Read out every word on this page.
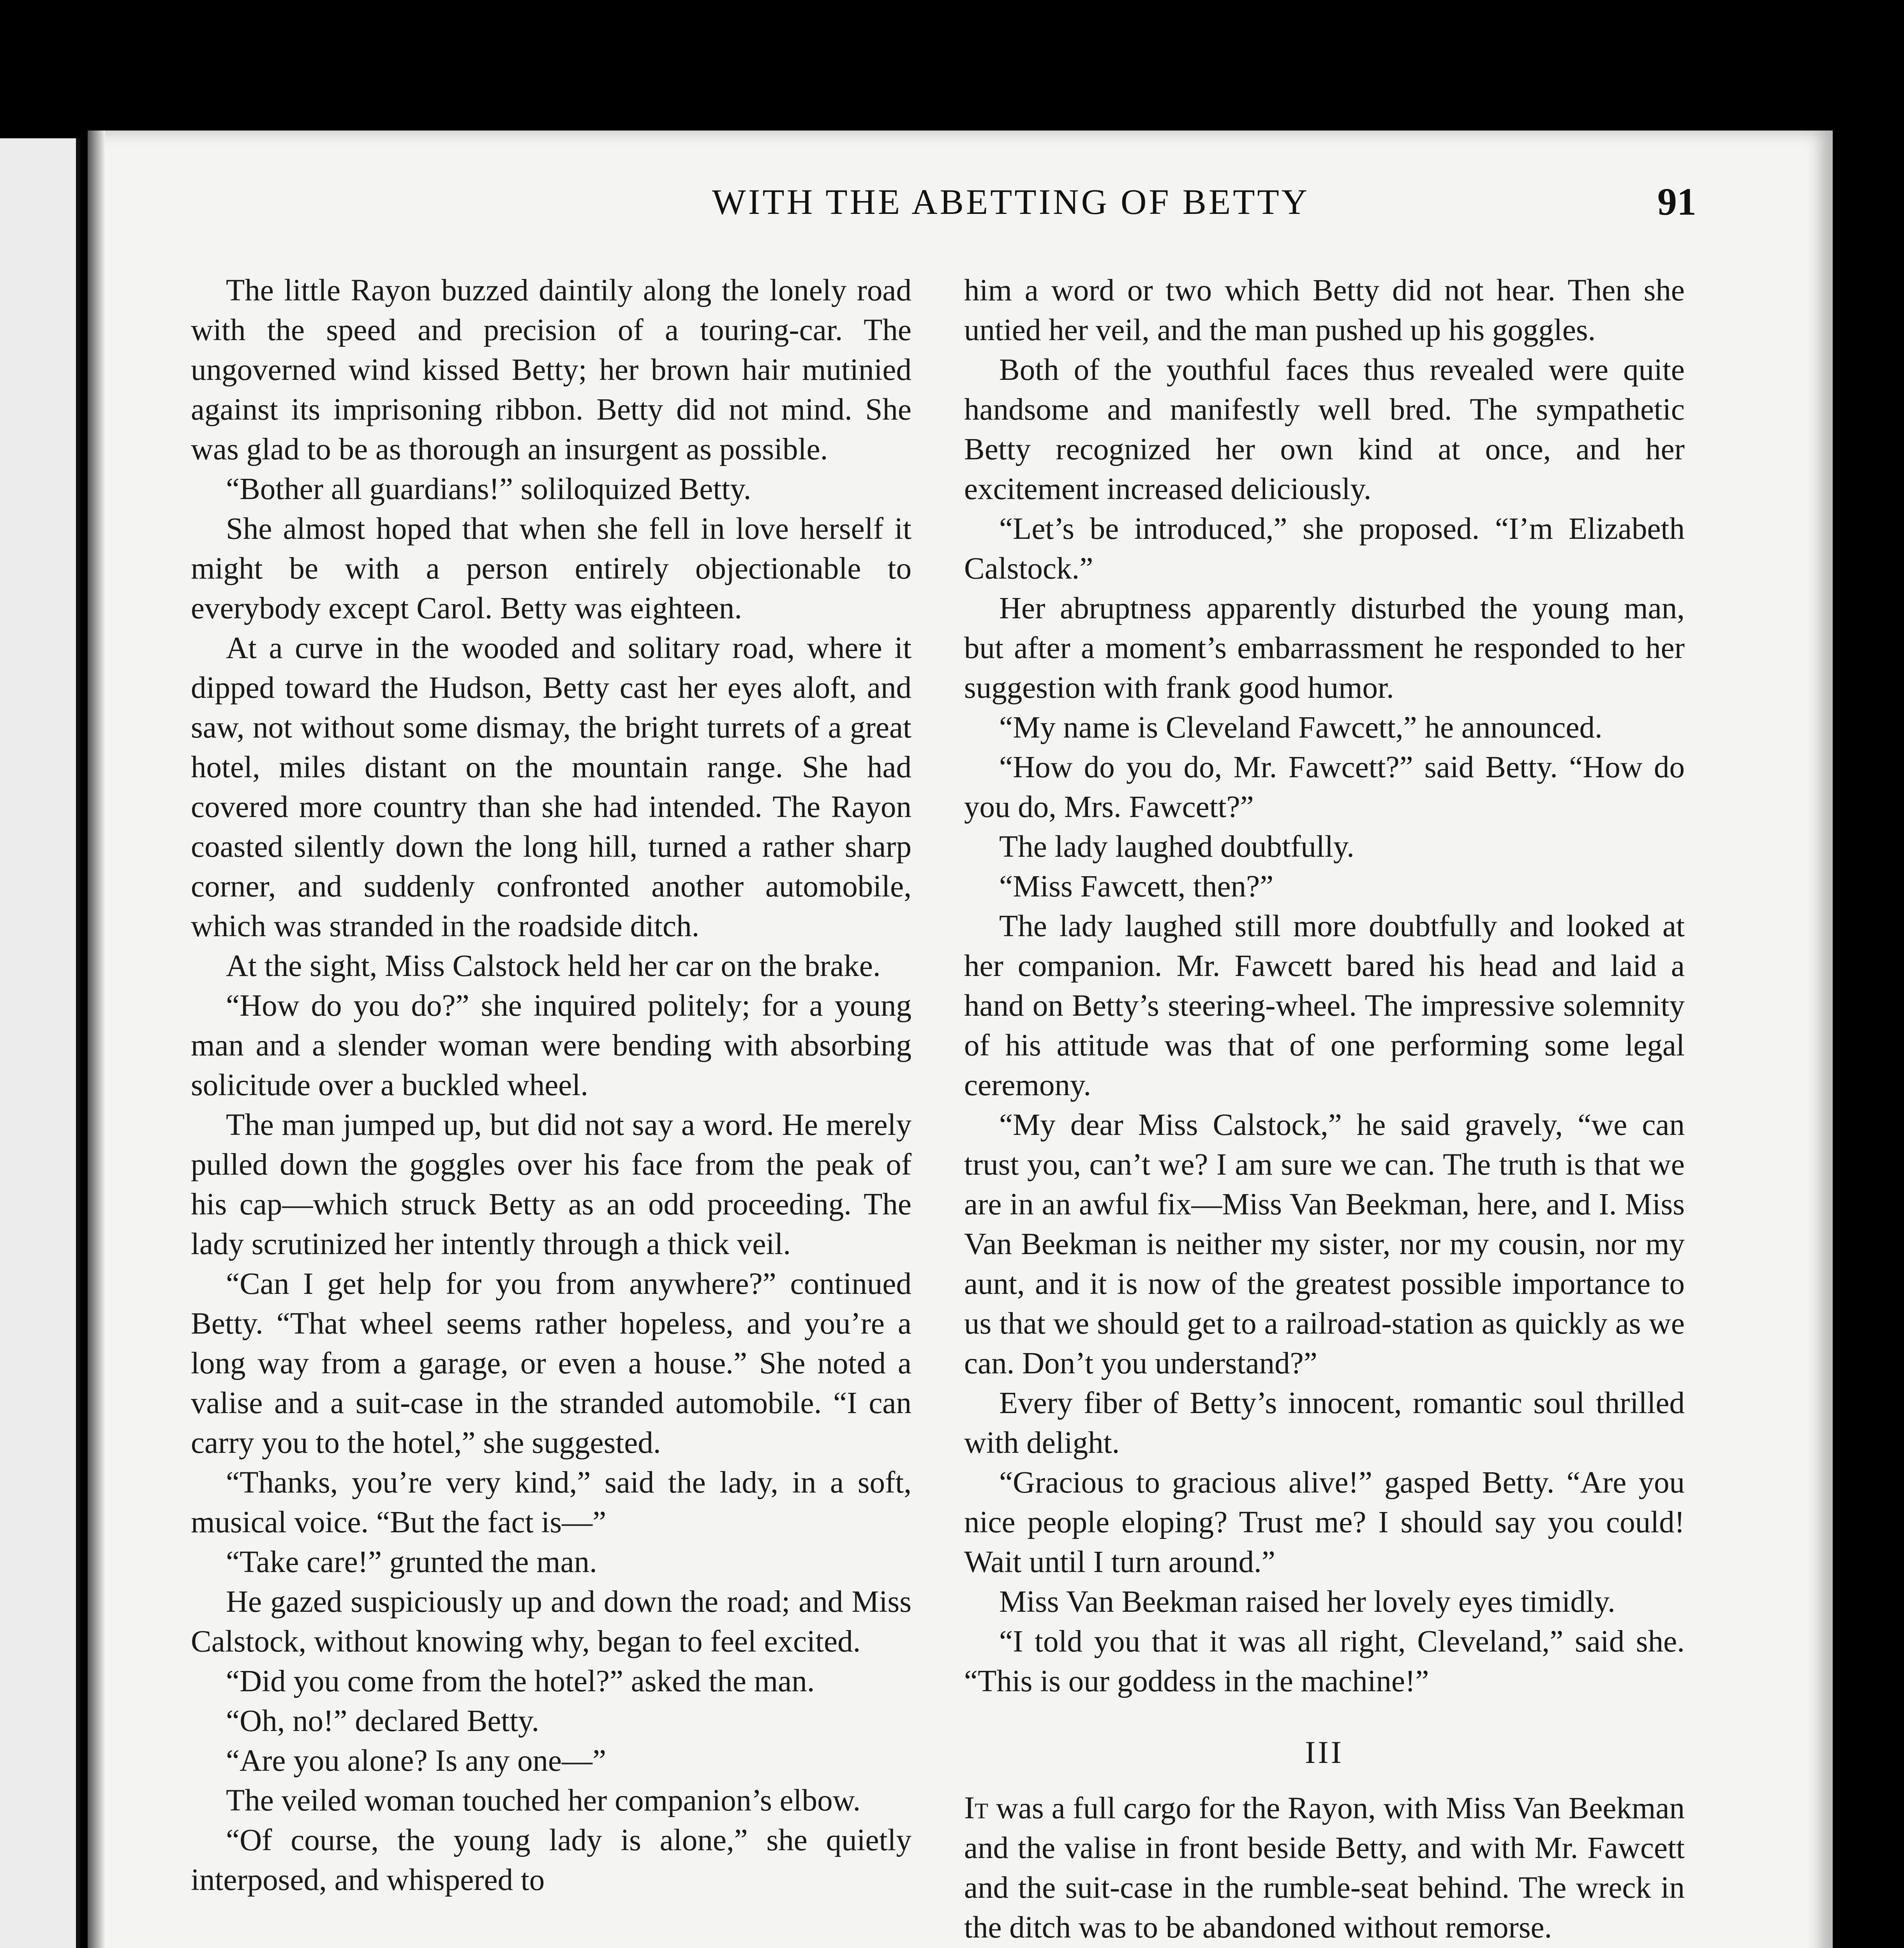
WITH THE ABETTING OF BETTY	91

The little Rayon buzzed daintily along the lonely road with the speed and precision of a touring-car. The ungoverned wind kissed Betty; her brown hair mutinied against its imprisoning ribbon. Betty did not mind. She was glad to be as thorough an insurgent as possible.

“Bother all guardians!” soliloquized Betty.

She almost hoped that when she fell in love herself it might be with a person entirely objectionable to everybody except Carol. Betty was eighteen.

At a curve in the wooded and solitary road, where it dipped toward the Hudson, Betty cast her eyes aloft, and saw, not without some dismay, the bright turrets of a great hotel, miles distant on the mountain range. She had covered more country than she had intended. The Rayon coasted silently down the long hill, turned a rather sharp corner, and suddenly confronted another automobile, which was stranded in the roadside ditch.

At the sight, Miss Calstock held her car on the brake.

“How do you do?” she inquired politely; for a young man and a slender woman were bending with absorbing solicitude over a buckled wheel.

The man jumped up, but did not say a word. He merely pulled down the goggles over his face from the peak of his cap—which struck Betty as an odd proceeding. The lady scrutinized her intently through a thick veil.

“Can I get help for you from anywhere?” continued Betty. “That wheel seems rather hopeless, and you’re a long way from a garage, or even a house.” She noted a valise and a suit-case in the stranded automobile. “I can carry you to the hotel,” she suggested.

“Thanks, you’re very kind,” said the lady, in a soft, musical voice. “But the fact is—”

“Take care!” grunted the man.

He gazed suspiciously up and down the road; and Miss Calstock, without knowing why, began to feel excited.

“Did you come from the hotel?” asked the man.

“Oh, no!” declared Betty.

“Are you alone? Is any one—”

The veiled woman touched her companion’s elbow.

“Of course, the young lady is alone,” she quietly interposed, and whispered to

him a word or two which Betty did not hear. Then she untied her veil, and the man pushed up his goggles.

Both of the youthful faces thus revealed were quite handsome and manifestly well bred. The sympathetic Betty recognized her own kind at once, and her excitement increased deliciously.

“Let’s be introduced,” she proposed. “I’m Elizabeth Calstock.”

Her abruptness apparently disturbed the young man, but after a moment’s embarrassment he responded to her suggestion with frank good humor.

“My name is Cleveland Fawcett,” he announced.

“How do you do, Mr. Fawcett?” said Betty. “How do you do, Mrs. Fawcett?”

The lady laughed doubtfully.

“Miss Fawcett, then?”

The lady laughed still more doubtfully and looked at her companion. Mr. Fawcett bared his head and laid a hand on Betty’s steering-wheel. The impressive solemnity of his attitude was that of one performing some legal ceremony.

“My dear Miss Calstock,” he said gravely, “we can trust you, can’t we? I am sure we can. The truth is that we are in an awful fix—Miss Van Beekman, here, and I. Miss Van Beekman is neither my sister, nor my cousin, nor my aunt, and it is now of the greatest possible importance to us that we should get to a railroad-station as quickly as we can. Don’t you understand?”

Every fiber of Betty’s innocent, romantic soul thrilled with delight.

“Gracious to gracious alive!” gasped Betty. “Are you nice people eloping? Trust me? I should say you could! Wait until I turn around.”

Miss Van Beekman raised her lovely eyes timidly.

“I told you that it was all right, Cleveland,” said she. “This is our goddess in the machine!”

III

It was a full cargo for the Rayon, with Miss Van Beekman and the valise in front beside Betty, and with Mr. Fawcett and the suit-case in the rumble-seat behind. The wreck in the ditch was to be abandoned without remorse.
